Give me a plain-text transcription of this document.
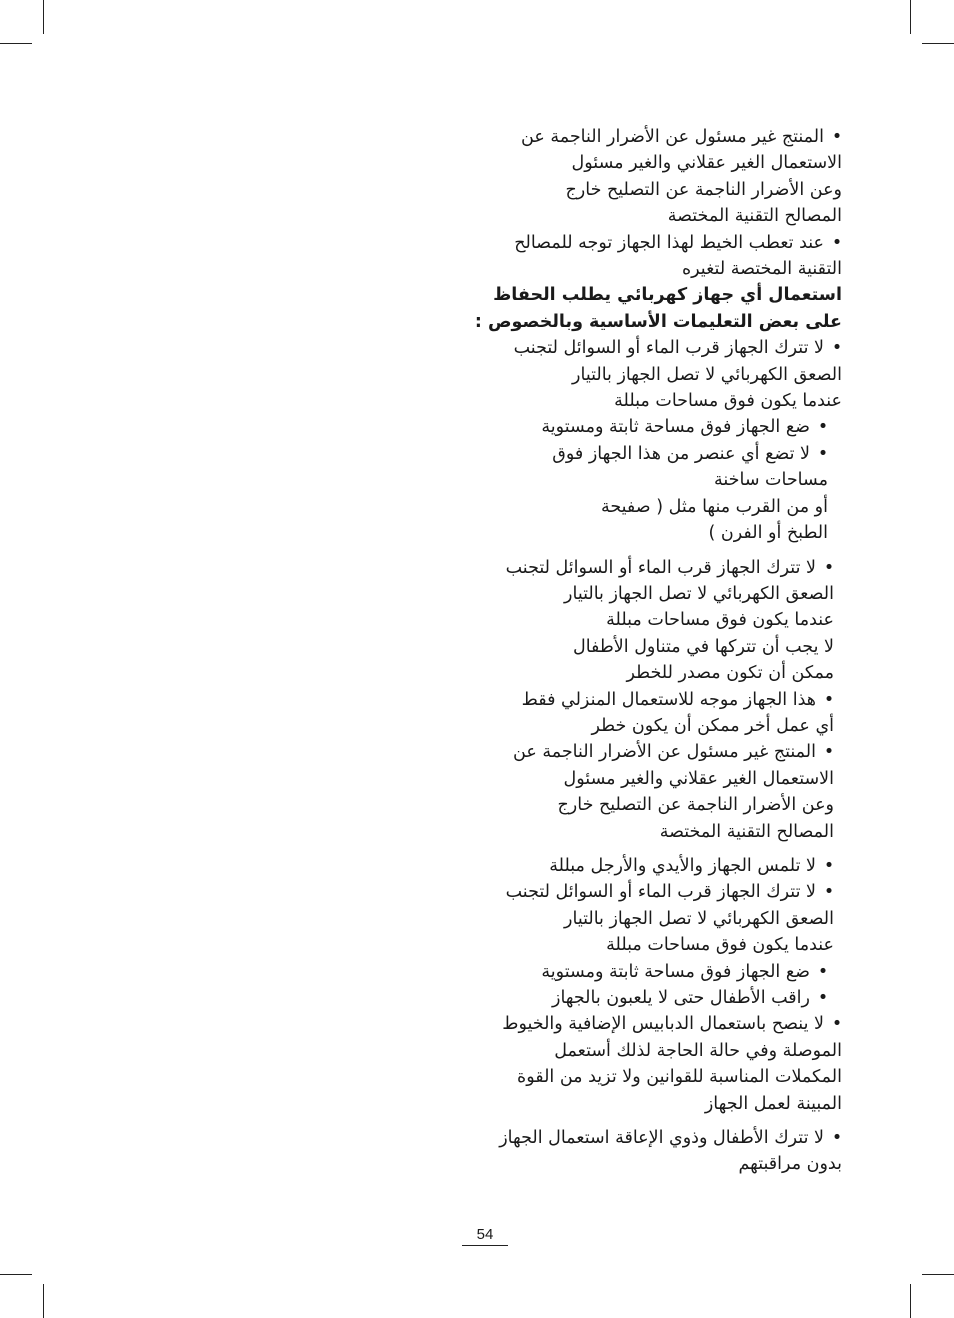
•
المنتج غير مسئول عن الأضرار الناجمة عن
الاستعمال الغير عقلاني والغير مسئول
وعن الأضرار الناجمة عن التصليح خارج
المصالح التقنية المختصة
•
عند تعطب الخيط لهذا الجهاز توجه للمصالح
التقنية المختصة لتغيره
استعمال أي جهاز كهربائي يطلب الحفاظ
على بعض التعليمات الأساسية وبالخصوص :
•
لا تترك الجهاز قرب الماء أو السوائل لتجنب
الصعق الكهربائي لا تصل الجهاز بالتيار
عندما يكون فوق مساحات مبللة
•
ضع الجهاز فوق مساحة ثابتة ومستوية
•
لا تضع أي عنصر من هذا الجهاز فوق
مساحات ساخنة
أو من القرب منها مثل ( صفيحة
الطبخ أو الفرن )
•
لا تترك الجهاز قرب الماء أو السوائل لتجنب
الصعق الكهربائي لا تصل الجهاز بالتيار
عندما يكون فوق مساحات مبللة
لا يجب أن تتركها في متناول الأطفال
ممكن أن تكون مصدر للخطر
•
هذا الجهاز موجه للاستعمال المنزلي فقط
أي عمل أخر ممكن أن يكون خطر
•
المنتج غير مسئول عن الأضرار الناجمة عن
الاستعمال الغير عقلاني والغير مسئول
وعن الأضرار الناجمة عن التصليح خارج
المصالح التقنية المختصة
•
لا تلمس الجهاز والأيدي والأرجل مبللة
•
لا تترك الجهاز قرب الماء أو السوائل لتجنب
الصعق الكهربائي لا تصل الجهاز بالتيار
عندما يكون فوق مساحات مبللة
•
ضع الجهاز فوق مساحة ثابتة ومستوية
•
راقب الأطفال حتى لا يلعبون بالجهاز
•
لا ينصح باستعمال الدبابيس الإضافية والخيوط
الموصلة وفي حالة الحاجة لذلك أستعمل
المكملات المناسبة للقوانين ولا تزيد من القوة
المبينة لعمل الجهاز
•
لا تترك الأطفال وذوي الإعاقة استعمال الجهاز
بدون مراقبتهم
54
